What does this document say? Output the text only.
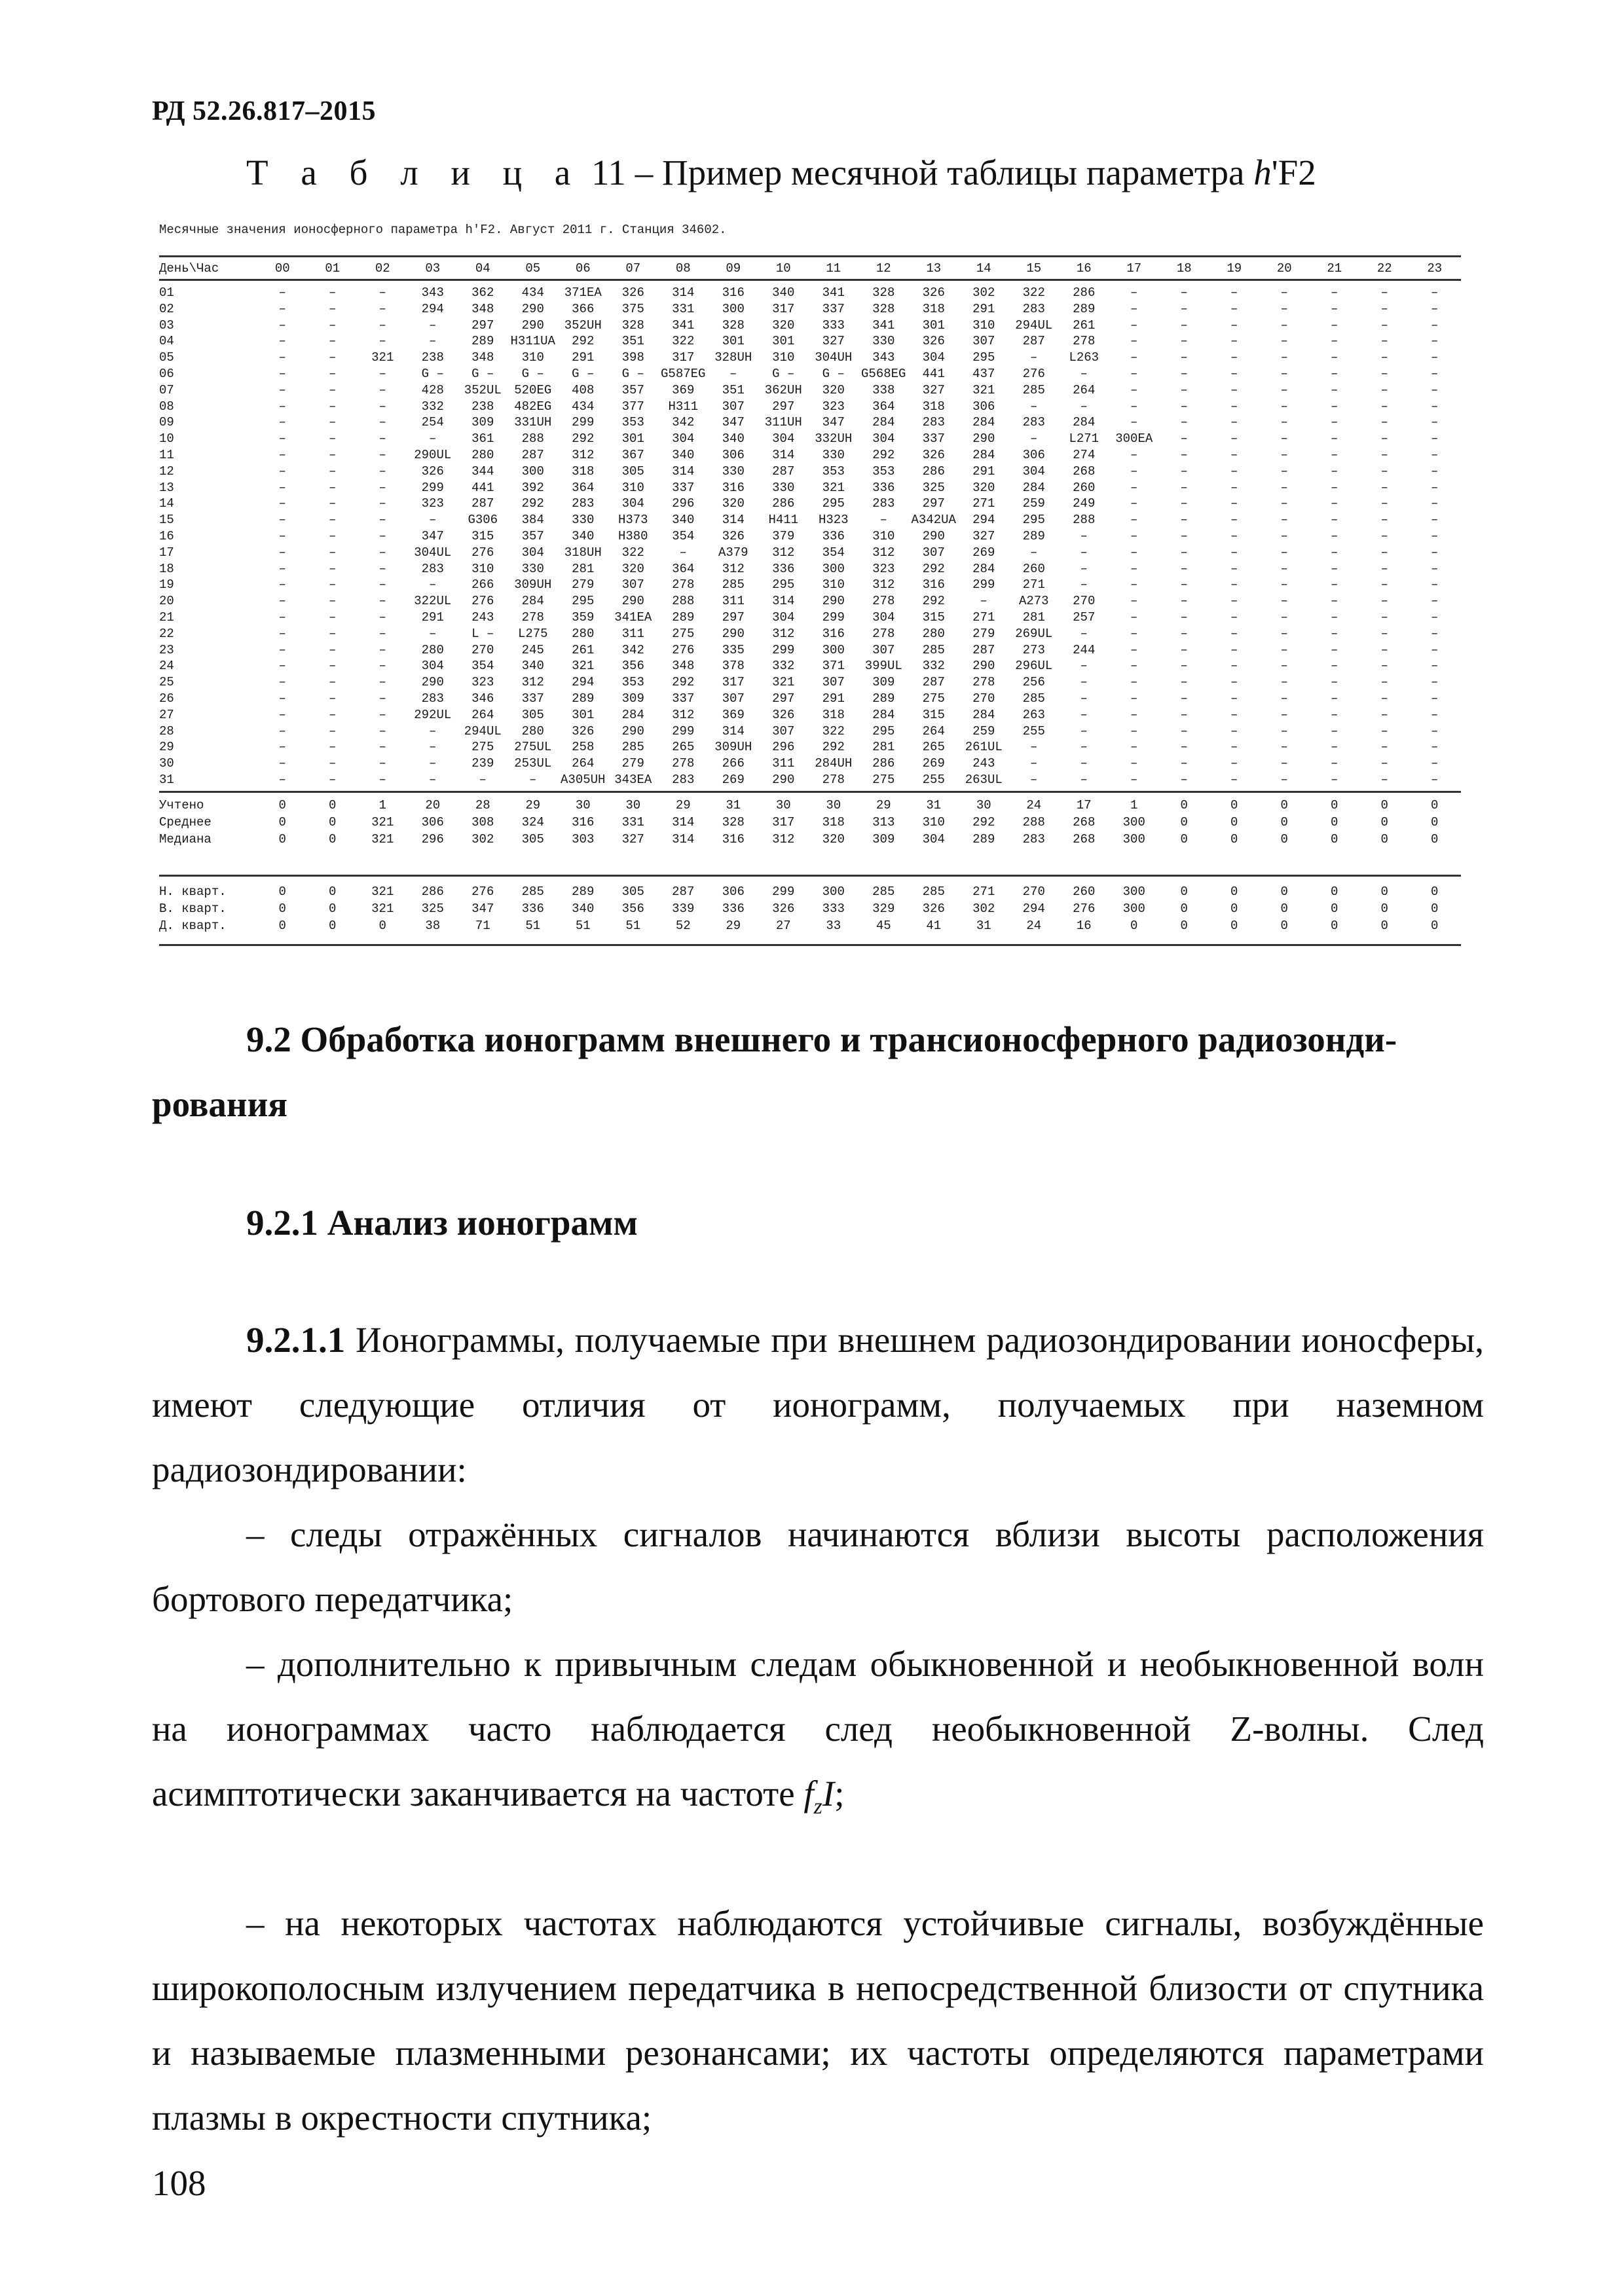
РД 52.26.817–2015
Т а б л и ц а 11 – Пример месячной таблицы параметра h'F2
Месячные значения ионосферного параметра h'F2. Август 2011 г. Станция 34602.
День\Час	00	01	02	03	04	05	06	07	08	09	10	11	12	13	14	15	16	17	18	19	20	21	22	23
01	–	–	–	343	362	434	371EA	326	314	316	340	341	328	326	302	322	286	–	–	–	–	–	–	–
02	–	–	–	294	348	290	366	375	331	300	317	337	328	318	291	283	289	–	–	–	–	–	–	–
03	–	–	–	–	297	290	352UH	328	341	328	320	333	341	301	310	294UL	261	–	–	–	–	–	–	–
04	–	–	–	–	289	H311UA	292	351	322	301	301	327	330	326	307	287	278	–	–	–	–	–	–	–
05	–	–	321	238	348	310	291	398	317	328UH	310	304UH	343	304	295	–	L263	–	–	–	–	–	–	–
06	–	–	–	G –	G –	G –	G –	G –	G587EG	–	G –	G –	G568EG	441	437	276	–	–	–	–	–	–	–	–
07	–	–	–	428	352UL	520EG	408	357	369	351	362UH	320	338	327	321	285	264	–	–	–	–	–	–	–
08	–	–	–	332	238	482EG	434	377	H311	307	297	323	364	318	306	–	–	–	–	–	–	–	–	–
09	–	–	–	254	309	331UH	299	353	342	347	311UH	347	284	283	284	283	284	–	–	–	–	–	–	–
10	–	–	–	–	361	288	292	301	304	340	304	332UH	304	337	290	–	L271	300EA	–	–	–	–	–	–
11	–	–	–	290UL	280	287	312	367	340	306	314	330	292	326	284	306	274	–	–	–	–	–	–	–
12	–	–	–	326	344	300	318	305	314	330	287	353	353	286	291	304	268	–	–	–	–	–	–	–
13	–	–	–	299	441	392	364	310	337	316	330	321	336	325	320	284	260	–	–	–	–	–	–	–
14	–	–	–	323	287	292	283	304	296	320	286	295	283	297	271	259	249	–	–	–	–	–	–	–
15	–	–	–	–	G306	384	330	H373	340	314	H411	H323	–	A342UA	294	295	288	–	–	–	–	–	–	–
16	–	–	–	347	315	357	340	H380	354	326	379	336	310	290	327	289	–	–	–	–	–	–	–	–
17	–	–	–	304UL	276	304	318UH	322	–	A379	312	354	312	307	269	–	–	–	–	–	–	–	–	–
18	–	–	–	283	310	330	281	320	364	312	336	300	323	292	284	260	–	–	–	–	–	–	–	–
19	–	–	–	–	266	309UH	279	307	278	285	295	310	312	316	299	271	–	–	–	–	–	–	–	–
20	–	–	–	322UL	276	284	295	290	288	311	314	290	278	292	–	A273	270	–	–	–	–	–	–	–
21	–	–	–	291	243	278	359	341EA	289	297	304	299	304	315	271	281	257	–	–	–	–	–	–	–
22	–	–	–	–	L –	L275	280	311	275	290	312	316	278	280	279	269UL	–	–	–	–	–	–	–	–
23	–	–	–	280	270	245	261	342	276	335	299	300	307	285	287	273	244	–	–	–	–	–	–	–
24	–	–	–	304	354	340	321	356	348	378	332	371	399UL	332	290	296UL	–	–	–	–	–	–	–	–
25	–	–	–	290	323	312	294	353	292	317	321	307	309	287	278	256	–	–	–	–	–	–	–	–
26	–	–	–	283	346	337	289	309	337	307	297	291	289	275	270	285	–	–	–	–	–	–	–	–
27	–	–	–	292UL	264	305	301	284	312	369	326	318	284	315	284	263	–	–	–	–	–	–	–	–
28	–	–	–	–	294UL	280	326	290	299	314	307	322	295	264	259	255	–	–	–	–	–	–	–	–
29	–	–	–	–	275	275UL	258	285	265	309UH	296	292	281	265	261UL	–	–	–	–	–	–	–	–	–
30	–	–	–	–	239	253UL	264	279	278	266	311	284UH	286	269	243	–	–	–	–	–	–	–	–	–
31	–	–	–	–	–	–	A305UH 343EA	283	269	290	278	275	255	263UL	–	–	–	–	–	–	–	–	–
Учтено	0	0	1	20	28	29	30	30	29	31	30	30	29	31	30	24	17	1	0	0	0	0	0	0
Среднее	0	0	321	306	308	324	316	331	314	328	317	318	313	310	292	288	268	300	0	0	0	0	0	0
Медиана	0	0	321	296	302	305	303	327	314	316	312	320	309	304	289	283	268	300	0	0	0	0	0	0
Н. кварт.	0	0	321	286	276	285	289	305	287	306	299	300	285	285	271	270	260	300	0	0	0	0	0	0
В. кварт.	0	0	321	325	347	336	340	356	339	336	326	333	329	326	302	294	276	300	0	0	0	0	0	0
Д. кварт.	0	0	0	38	71	51	51	51	52	29	27	33	45	41	31	24	16	0	0	0	0	0	0	0
9.2 Обработка ионограмм внешнего и трансионосферного радиозонди-
рования
9.2.1 Анализ ионограмм
9.2.1.1 Ионограммы, получаемые при внешнем радиозондировании ионосферы, имеют следующие отличия от ионограмм, получаемых при наземном радиозондировании:
– следы отражённых сигналов начинаются вблизи высоты расположения бортового передатчика;
– дополнительно к привычным следам обыкновенной и необыкновенной волн на ионограммах часто наблюдается след необыкновенной Z-волны. След асимптотически заканчивается на частоте $f_zI$;
– на некоторых частотах наблюдаются устойчивые сигналы, возбуждённые широкополосным излучением передатчика в непосредственной близости от спутника и называемые плазменными резонансами; их частоты определяются параметрами плазмы в окрестности спутника;
108
